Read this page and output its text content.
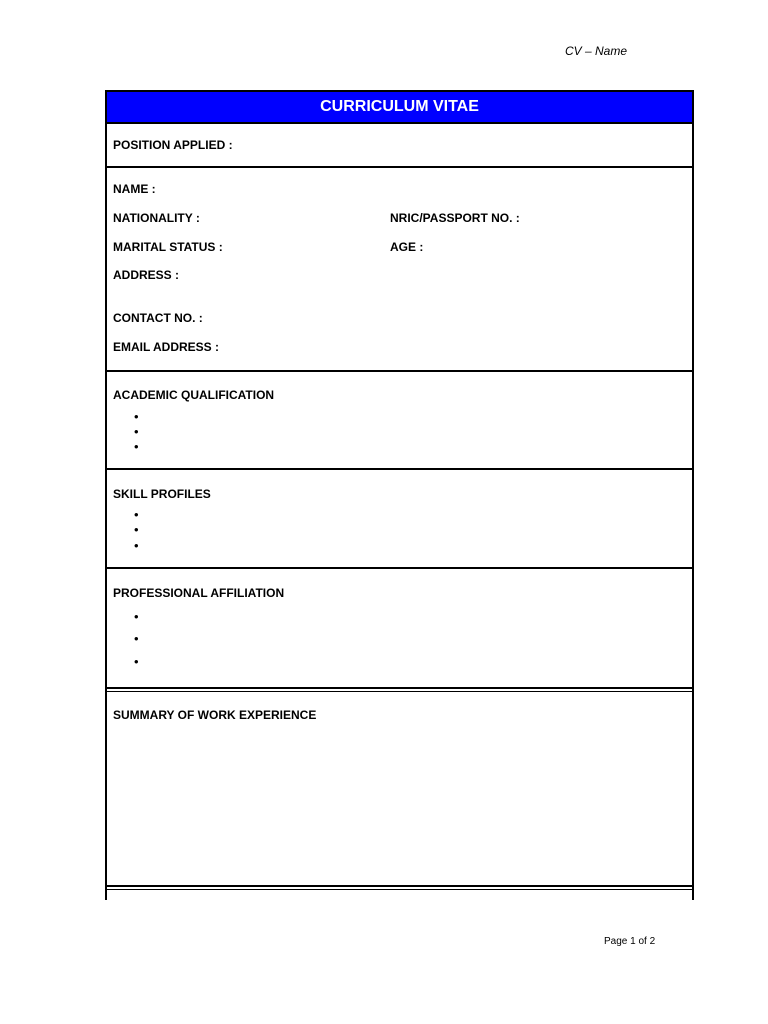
CV – Name
CURRICULUM VITAE
POSITION APPLIED :
NAME :
NATIONALITY :	NRIC/PASSPORT NO. :
MARITAL STATUS :	AGE :
ADDRESS :
CONTACT NO. :
EMAIL ADDRESS :
ACADEMIC QUALIFICATION
•
•
•
SKILL PROFILES
•
•
•
PROFESSIONAL AFFILIATION
•
•
•
SUMMARY OF WORK EXPERIENCE
Page 1 of 2
